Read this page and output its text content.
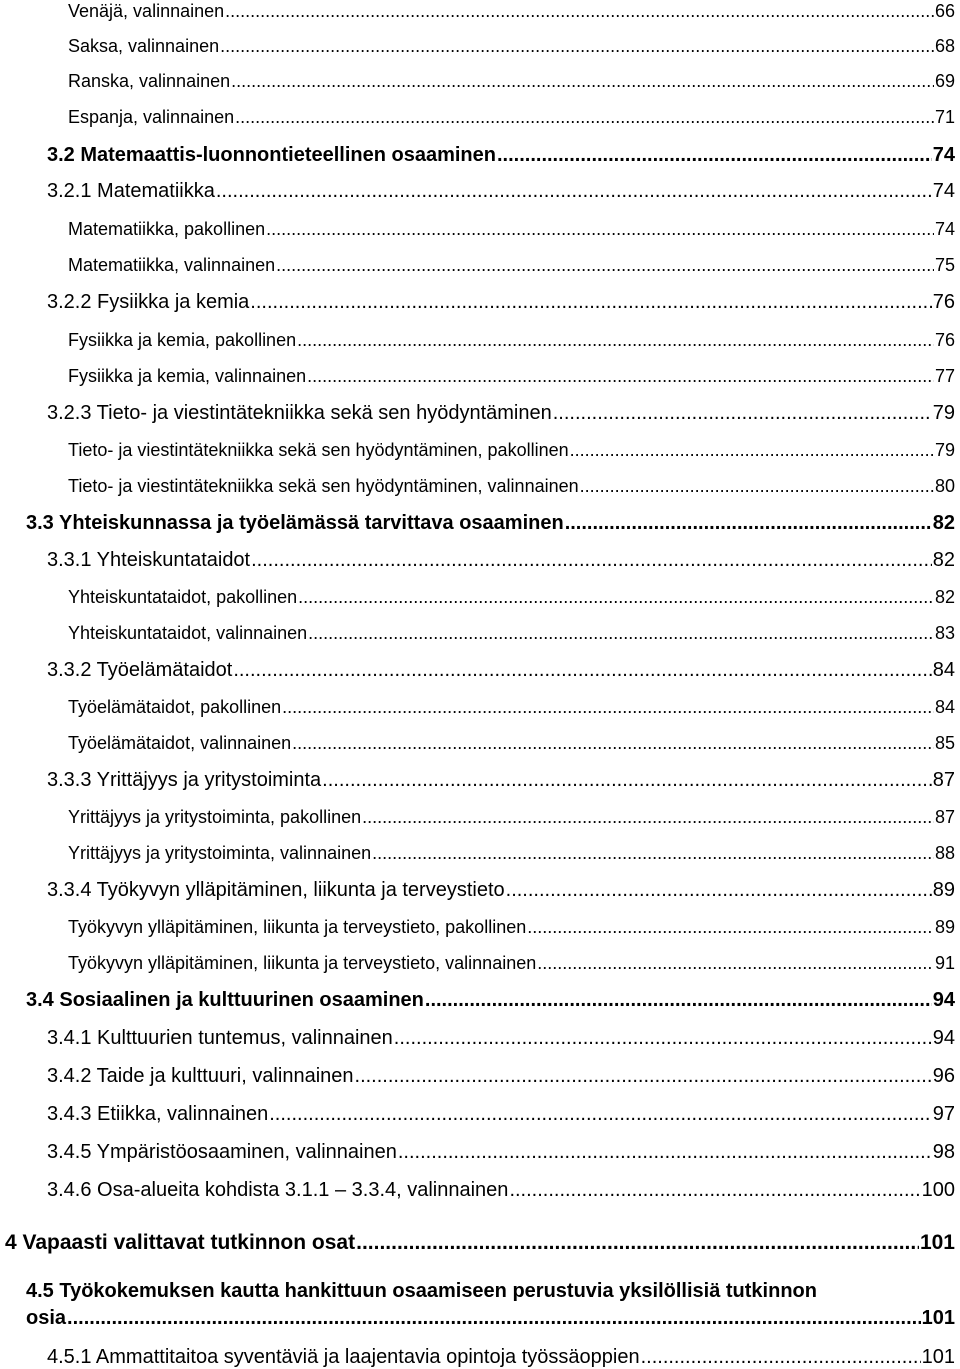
Venäjä, valinnainen .....	66
Saksa, valinnainen .....	68
Ranska, valinnainen .....	69
Espanja, valinnainen .....	71
3.2 Matemaattis-luonnontieteellinen osaaminen .....	74
3.2.1 Matematiikka .....	74
Matematiikka, pakollinen .....	74
Matematiikka, valinnainen .....	75
3.2.2 Fysiikka ja kemia .....	76
Fysiikka ja kemia, pakollinen .....	76
Fysiikka ja kemia, valinnainen .....	77
3.2.3 Tieto- ja viestintätekniikka sekä sen hyödyntäminen .....	79
Tieto- ja viestintätekniikka sekä sen hyödyntäminen, pakollinen .....	79
Tieto- ja viestintätekniikka sekä sen hyödyntäminen, valinnainen .....	80
3.3 Yhteiskunnassa ja työelämässä tarvittava osaaminen .....	82
3.3.1 Yhteiskuntataidot .....	82
Yhteiskuntataidot, pakollinen .....	82
Yhteiskuntataidot, valinnainen .....	83
3.3.2 Työelämätaidot .....	84
Työelämätaidot, pakollinen .....	84
Työelämätaidot, valinnainen .....	85
3.3.3 Yrittäjyys ja yritystoiminta .....	87
Yrittäjyys ja yritystoiminta, pakollinen .....	87
Yrittäjyys ja yritystoiminta, valinnainen .....	88
3.3.4 Työkyvyn ylläpitäminen, liikunta ja terveystieto .....	89
Työkyvyn ylläpitäminen, liikunta ja terveystieto, pakollinen .....	89
Työkyvyn ylläpitäminen, liikunta ja terveystieto, valinnainen .....	91
3.4 Sosiaalinen ja kulttuurinen osaaminen .....	94
3.4.1 Kulttuurien tuntemus, valinnainen .....	94
3.4.2 Taide ja kulttuuri, valinnainen .....	96
3.4.3 Etiikka, valinnainen .....	97
3.4.5 Ympäristöosaaminen, valinnainen .....	98
3.4.6 Osa-alueita kohdista 3.1.1 – 3.3.4, valinnainen .....	100
4 Vapaasti valittavat tutkinnon osat .....	101
4.5 Työkokemuksen kautta hankittuun osaamiseen perustuvia yksilöllisiä tutkinnon
osia .....	101
4.5.1 Ammattitaitoa syventäviä ja laajentavia opintoja työssäoppien .....	101
